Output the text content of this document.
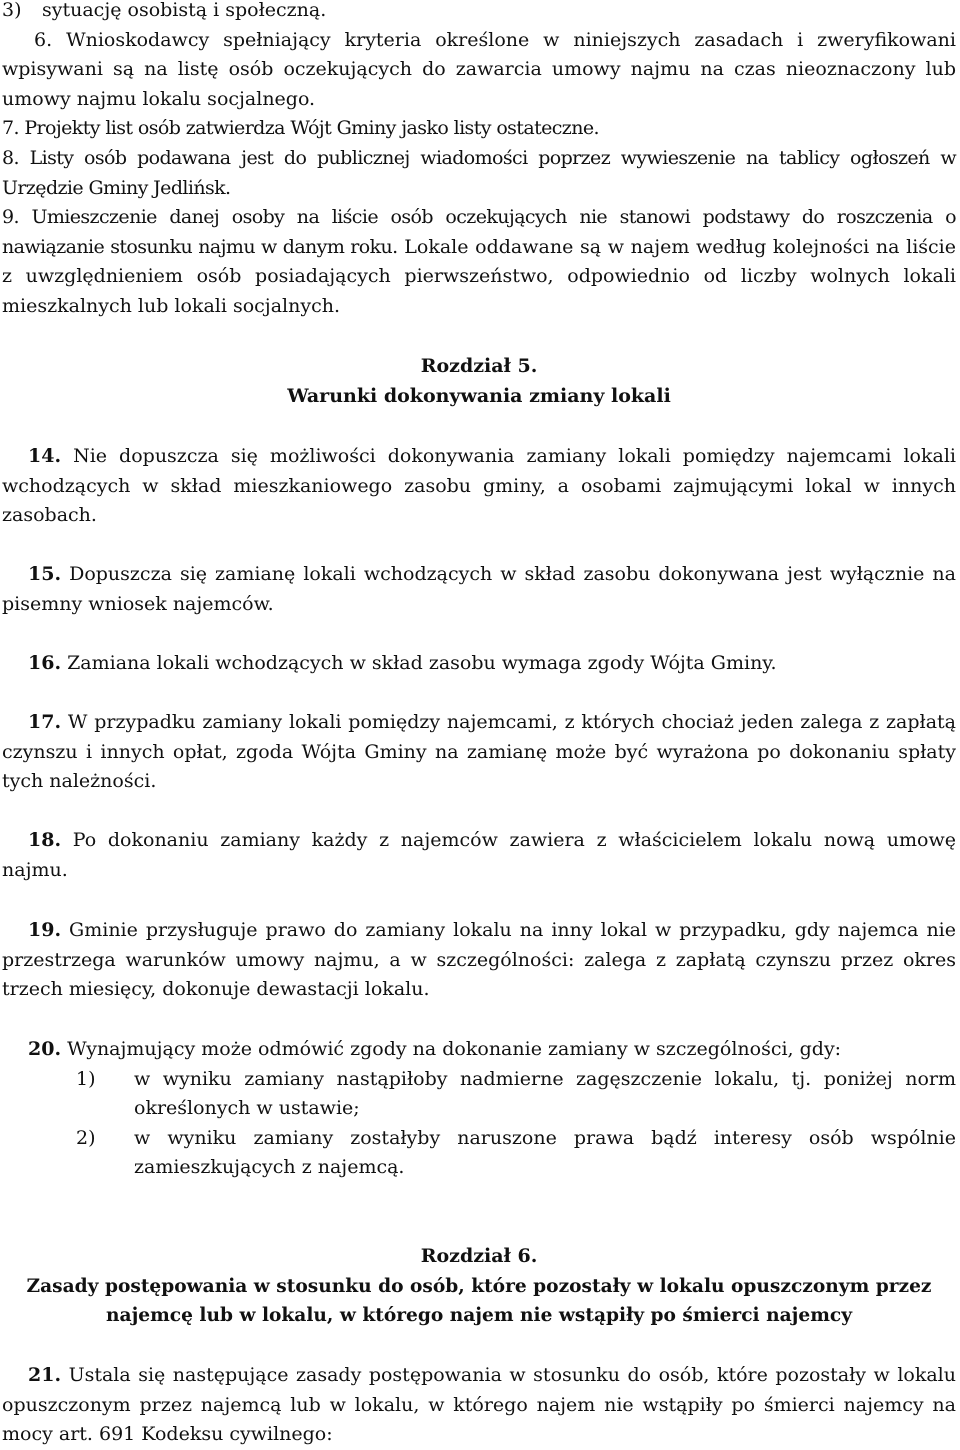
3) sytuację osobistą i społeczną.

6. Wnioskodawcy spełniający kryteria określone w niniejszych zasadach i zweryfikowani wpisywani są na listę osób oczekujących do zawarcia umowy najmu na czas nieoznaczony lub umowy najmu lokalu socjalnego.

7. Projekty list osób zatwierdza Wójt Gminy jasko listy ostateczne.

8. Listy osób podawana jest do publicznej wiadomości poprzez wywieszenie na tablicy ogłoszeń w Urzędzie Gminy Jedlińsk.

9. Umieszczenie danej osoby na liście osób oczekujących nie stanowi podstawy do roszczenia o nawiązanie stosunku najmu w danym roku. Lokale oddawane są w najem według kolejności na liście z uwzględnieniem osób posiadających pierwszeństwo, odpowiednio od liczby wolnych lokali mieszkalnych lub lokali socjalnych.

Rozdział 5.

Warunki dokonywania zmiany lokali

14. Nie dopuszcza się możliwości dokonywania zamiany lokali pomiędzy najemcami lokali wchodzących w skład mieszkaniowego zasobu gminy, a osobami zajmującymi lokal w innych zasobach.

15. Dopuszcza się zamianę lokali wchodzących w skład zasobu dokonywana jest wyłącznie na pisemny wniosek najemców.

16. Zamiana lokali wchodzących w skład zasobu wymaga zgody Wójta Gminy.

17. W przypadku zamiany lokali pomiędzy najemcami, z których chociaż jeden zalega z zapłatą czynszu i innych opłat, zgoda Wójta Gminy na zamianę może być wyrażona po dokonaniu spłaty tych należności.

18. Po dokonaniu zamiany każdy z najemców zawiera z właścicielem lokalu nową umowę najmu.

19. Gminie przysługuje prawo do zamiany lokalu na inny lokal w przypadku, gdy najemca nie przestrzega warunków umowy najmu, a w szczególności: zalega z zapłatą czynszu przez okres trzech miesięcy, dokonuje dewastacji lokalu.

20. Wynajmujący może odmówić zgody na dokonanie zamiany w szczególności, gdy:

1) w wyniku zamiany nastąpiłoby nadmierne zagęszczenie lokalu, tj. poniżej norm określonych w ustawie;
2) w wyniku zamiany zostałyby naruszone prawa bądź interesy osób wspólnie zamieszkujących z najemcą.

Rozdział 6.

Zasady postępowania w stosunku do osób, które pozostały w lokalu opuszczonym przez najemcę lub w lokalu, w którego najem nie wstąpiły po śmierci najemcy

21. Ustala się następujące zasady postępowania w stosunku do osób, które pozostały w lokalu opuszczonym przez najemcą lub w lokalu, w którego najem nie wstąpiły po śmierci najemcy na mocy art. 691 Kodeksu cywilnego:
